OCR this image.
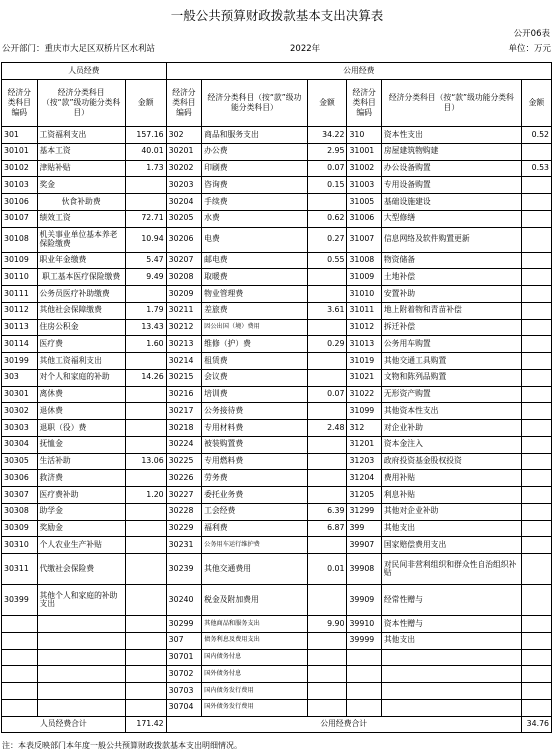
一般公共预算财政拨款基本支出决算表
公开06表
公开部门：重庆市大足区双桥片区水利站	2022年	单位：万元
人员经费			公用经费					
经济分类科目编码	经济分类科目（按“款”级功能分类科目）	金额	经济分类科目编码	经济分类科目（按“款”级功能分类科目）	金额	经济分类科目编码	经济分类科目（按“款”级功能分类科目）	金额
301	工资福利支出	157.16	302	商品和服务支出	34.22	310	资本性支出	0.52
30101	基本工资	40.01	30201	办公费	2.95	31001	房屋建筑物购建	
30102	津贴补贴	1.73	30202	印刷费	0.07	31002	办公设备购置	0.53
30103	奖金		30203	咨询费	0.15	31003	专用设备购置	
30106	伙食补助费		30204	手续费		31005	基础设施建设	
30107	绩效工资	72.71	30205	水费	0.62	31006	大型修缮	
30108	机关事业单位基本养老保险缴费	10.94	30206	电费	0.27	31007	信息网络及软件购置更新	
30109	职业年金缴费	5.47	30207	邮电费	0.55	31008	物资储备	
30110	职工基本医疗保险缴费	9.49	30208	取暖费		31009	土地补偿	
30111	公务员医疗补助缴费		30209	物业管理费		31010	安置补助	
30112	其他社会保障缴费	1.79	30211	差旅费	3.61	31011	地上附着物和青苗补偿	
30113	住房公积金	13.43	30212	因公出国（境）费用		31012	拆迁补偿	
30114	医疗费	1.60	30213	维修（护）费	0.29	31013	公务用车购置	
30199	其他工资福利支出		30214	租赁费		31019	其他交通工具购置	
303	对个人和家庭的补助	14.26	30215	会议费		31021	文物和陈列品购置	
30301	离休费		30216	培训费	0.07	31022	无形资产购置	
30302	退休费		30217	公务接待费		31099	其他资本性支出	
30303	退职（役）费		30218	专用材料费	2.48	312	对企业补助	
30304	抚恤金		30224	被装购置费		31201	资本金注入	
30305	生活补助	13.06	30225	专用燃料费		31203	政府投资基金股权投资	
30306	救济费		30226	劳务费		31204	费用补贴	
30307	医疗费补助	1.20	30227	委托业务费		31205	利息补贴	
30308	助学金		30228	工会经费	6.39	31299	其他对企业补助	
30309	奖励金		30229	福利费	6.87	399	其他支出	
30310	个人农业生产补贴		30231	公务用车运行维护费		39907	国家赔偿费用支出	
30311	代缴社会保险费		30239	其他交通费用	0.01	39908	对民间非营利组织和群众性自治组织补贴	
30399	其他个人和家庭的补助支出		30240	税金及附加费用		39909	经常性赠与	
			30299	其他商品和服务支出	9.90	39910	资本性赠与	
			307	债务利息及费用支出		39999	其他支出	
			30701	国内债务付息				
			30702	国外债务付息				
			30703	国内债务发行费用				
			30704	国外债务发行费用				
人员经费合计		171.42	公用经费合计					34.76
注：本表反映部门本年度一般公共预算财政拨款基本支出明细情况。
